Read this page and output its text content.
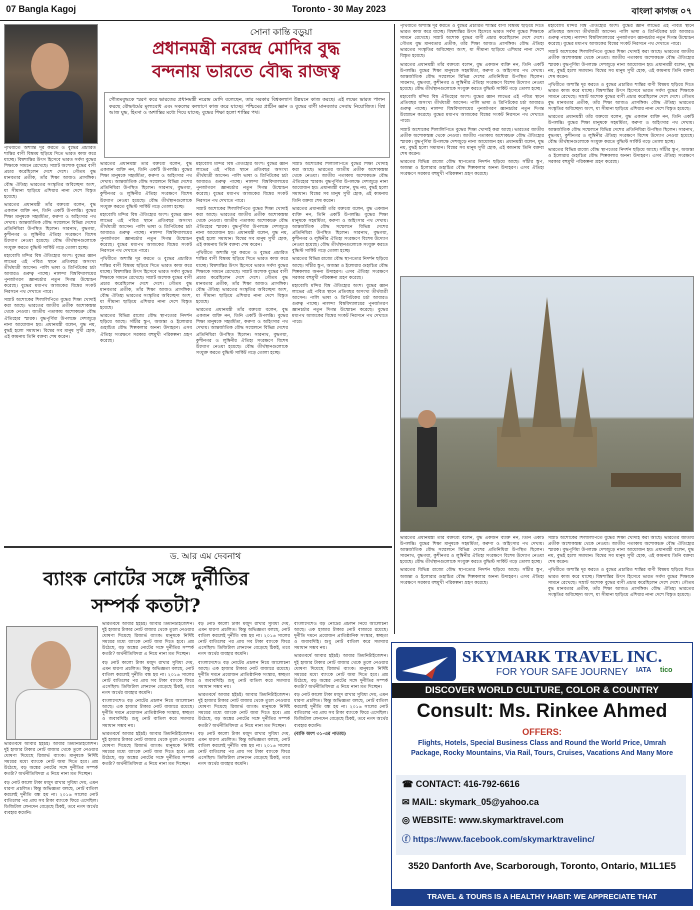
07 Bangla Kagoj	Toronto - 30 May 2023	বাংলা কাগজ ০৭
সোনা কান্তি বড়ুয়া
প্রধানমন্ত্রী নরেন্দ্র মোদির বুদ্ধ
বন্দনায় ভারতে বৌদ্ধ রাজত্ব

গৌতমবুদ্ধকে স্মরণ করে ভারতের প্রধানমন্ত্রী নরেন্দ্র মোদি বলেছেন, তার সরকার বিশ্বকল্যাণ উন্নয়নে কাজ করছে। এই লক্ষ্যে ভারত পালন করছে বৌদ্ধধর্মের মূল্যবোধ এবং সকলের কল্যাণে কাজ করে যাচ্ছে। পশ্চিমের প্রাচীন জ্ঞান ও বুদ্ধের বাণী মানবতার সেবায় নিয়োজিত। বিশ্ব আজ যুদ্ধ, হিংসা ও অশান্তির মধ্যে দিয়ে যাচ্ছে; বুদ্ধের শিক্ষা হলো শান্তির পথ।

পৃথিবীতে অশান্তি দূর করতে ও বুদ্ধের প্রচারিত শান্তির বাণী বিশ্বময় ছড়িয়ে দিতে ভারত কাজ করে যাচ্ছে। বিশ্বশান্তির উৎস হিসেবে ভারত সর্বদা বুদ্ধের শিক্ষাকে সামনে রেখেছে। সম্রাট অশোক বুদ্ধের বাণী প্রচার করেছিলেন দেশে দেশে। গৌতম বুদ্ধ মানবতার প্রতীক, তাঁর শিক্ষা আজও প্রাসঙ্গিক। বৌদ্ধ ঐতিহ্য ভারতের সংস্কৃতির অবিচ্ছেদ্য অংশ, যা সীমানা ছাড়িয়ে এশিয়ার নানা দেশে বিস্তৃত হয়েছে।

ভারতের প্রধানমন্ত্রী তাঁর বক্তব্যে বলেন, বুদ্ধ একজন ব্যক্তি নন, তিনি একটি উপলব্ধি। বুদ্ধের শিক্ষা মানুষকে সহমর্মিতা, করুণা ও অহিংসার পথ দেখায়। আন্তর্জাতিক বৌদ্ধ সম্মেলনে বিভিন্ন দেশের প্রতিনিধিরা উপস্থিত ছিলেন। সারনাথ, বুদ্ধগয়া, কুশীনগর ও লুম্বিনীর ঐতিহ্য সংরক্ষণে বিশেষ উদ্যোগ নেওয়া হয়েছে। বৌদ্ধ তীর্থস্থানগুলোকে সংযুক্ত করতে বুদ্ধিস্ট সার্কিট গড়ে তোলা হচ্ছে।

মহাবোধি মন্দির বিশ্ব ঐতিহ্যের অংশ। বুদ্ধের জ্ঞান লাভের এই পবিত্র স্থানে প্রতিবছর অসংখ্য তীর্থযাত্রী আসেন। পালি ভাষা ও ত্রিপিটকের চর্চা আবারও গুরুত্ব পাচ্ছে। নালন্দা বিশ্ববিদ্যালয়ের পুনর্জাগরণ জ্ঞানচর্চার নতুন দিগন্ত উন্মোচন করেছে। বুদ্ধের মধ্যপথ আজকের বিশ্বের সংকট নিরসনে পথ দেখাতে পারে।

সম্রাট অশোকের শিলালিপিতে বুদ্ধের শিক্ষা খোদাই করা আছে। ভারতের জাতীয় প্রতীক অশোকস্তম্ভ থেকে নেওয়া। জাতীয় পতাকায় অশোকচক্র বৌদ্ধ ঐতিহ্যের স্মারক। বুদ্ধপূর্ণিমা উপলক্ষে দেশজুড়ে নানা আয়োজন হয়। প্রধানমন্ত্রী বলেন, যুদ্ধ নয়, বুদ্ধই হলো সমাধান। বিশ্বের সব মানুষ সুখী হোক, এই কামনায় তিনি বক্তব্য শেষ করেন।

ভারতের প্রধানমন্ত্রী তাঁর বক্তব্যে বলেন, বুদ্ধ একজন ব্যক্তি নন, তিনি একটি উপলব্ধি। বুদ্ধের শিক্ষা মানুষকে সহমর্মিতা, করুণা ও অহিংসার পথ দেখায়। আন্তর্জাতিক বৌদ্ধ সম্মেলনে বিভিন্ন দেশের প্রতিনিধিরা উপস্থিত ছিলেন। সারনাথ, বুদ্ধগয়া, কুশীনগর ও লুম্বিনীর ঐতিহ্য সংরক্ষণে বিশেষ উদ্যোগ নেওয়া হয়েছে। বৌদ্ধ তীর্থস্থানগুলোকে সংযুক্ত করতে বুদ্ধিস্ট সার্কিট গড়ে তোলা হচ্ছে।

মহাবোধি মন্দির বিশ্ব ঐতিহ্যের অংশ। বুদ্ধের জ্ঞান লাভের এই পবিত্র স্থানে প্রতিবছর অসংখ্য তীর্থযাত্রী আসেন। পালি ভাষা ও ত্রিপিটকের চর্চা আবারও গুরুত্ব পাচ্ছে। নালন্দা বিশ্ববিদ্যালয়ের পুনর্জাগরণ জ্ঞানচর্চার নতুন দিগন্ত উন্মোচন করেছে। বুদ্ধের মধ্যপথ আজকের বিশ্বের সংকট নিরসনে পথ দেখাতে পারে।

পৃথিবীতে অশান্তি দূর করতে ও বুদ্ধের প্রচারিত শান্তির বাণী বিশ্বময় ছড়িয়ে দিতে ভারত কাজ করে যাচ্ছে। বিশ্বশান্তির উৎস হিসেবে ভারত সর্বদা বুদ্ধের শিক্ষাকে সামনে রেখেছে। সম্রাট অশোক বুদ্ধের বাণী প্রচার করেছিলেন দেশে দেশে। গৌতম বুদ্ধ মানবতার প্রতীক, তাঁর শিক্ষা আজও প্রাসঙ্গিক। বৌদ্ধ ঐতিহ্য ভারতের সংস্কৃতির অবিচ্ছেদ্য অংশ, যা সীমানা ছাড়িয়ে এশিয়ার নানা দেশে বিস্তৃত হয়েছে।

ভারতের বিভিন্ন রাজ্যে বৌদ্ধ স্থাপত্যের নিদর্শন ছড়িয়ে আছে। সাঁচীর স্তূপ, অজন্তা ও ইলোরার গুহাচিত্র বৌদ্ধ শিল্পকলার অনন্য উদাহরণ। এসব ঐতিহ্য সংরক্ষণে সরকার বহুমুখী পরিকল্পনা গ্রহণ করেছে।

মহাবোধি মন্দির বিশ্ব ঐতিহ্যের অংশ। বুদ্ধের জ্ঞান লাভের এই পবিত্র স্থানে প্রতিবছর অসংখ্য তীর্থযাত্রী আসেন। পালি ভাষা ও ত্রিপিটকের চর্চা আবারও গুরুত্ব পাচ্ছে। নালন্দা বিশ্ববিদ্যালয়ের পুনর্জাগরণ জ্ঞানচর্চার নতুন দিগন্ত উন্মোচন করেছে। বুদ্ধের মধ্যপথ আজকের বিশ্বের সংকট নিরসনে পথ দেখাতে পারে।

সম্রাট অশোকের শিলালিপিতে বুদ্ধের শিক্ষা খোদাই করা আছে। ভারতের জাতীয় প্রতীক অশোকস্তম্ভ থেকে নেওয়া। জাতীয় পতাকায় অশোকচক্র বৌদ্ধ ঐতিহ্যের স্মারক। বুদ্ধপূর্ণিমা উপলক্ষে দেশজুড়ে নানা আয়োজন হয়। প্রধানমন্ত্রী বলেন, যুদ্ধ নয়, বুদ্ধই হলো সমাধান। বিশ্বের সব মানুষ সুখী হোক, এই কামনায় তিনি বক্তব্য শেষ করেন।

পৃথিবীতে অশান্তি দূর করতে ও বুদ্ধের প্রচারিত শান্তির বাণী বিশ্বময় ছড়িয়ে দিতে ভারত কাজ করে যাচ্ছে। বিশ্বশান্তির উৎস হিসেবে ভারত সর্বদা বুদ্ধের শিক্ষাকে সামনে রেখেছে। সম্রাট অশোক বুদ্ধের বাণী প্রচার করেছিলেন দেশে দেশে। গৌতম বুদ্ধ মানবতার প্রতীক, তাঁর শিক্ষা আজও প্রাসঙ্গিক। বৌদ্ধ ঐতিহ্য ভারতের সংস্কৃতির অবিচ্ছেদ্য অংশ, যা সীমানা ছাড়িয়ে এশিয়ার নানা দেশে বিস্তৃত হয়েছে।

ভারতের প্রধানমন্ত্রী তাঁর বক্তব্যে বলেন, বুদ্ধ একজন ব্যক্তি নন, তিনি একটি উপলব্ধি। বুদ্ধের শিক্ষা মানুষকে সহমর্মিতা, করুণা ও অহিংসার পথ দেখায়। আন্তর্জাতিক বৌদ্ধ সম্মেলনে বিভিন্ন দেশের প্রতিনিধিরা উপস্থিত ছিলেন। সারনাথ, বুদ্ধগয়া, কুশীনগর ও লুম্বিনীর ঐতিহ্য সংরক্ষণে বিশেষ উদ্যোগ নেওয়া হয়েছে। বৌদ্ধ তীর্থস্থানগুলোকে সংযুক্ত করতে বুদ্ধিস্ট সার্কিট গড়ে তোলা হচ্ছে।

সম্রাট অশোকের শিলালিপিতে বুদ্ধের শিক্ষা খোদাই করা আছে। ভারতের জাতীয় প্রতীক অশোকস্তম্ভ থেকে নেওয়া। জাতীয় পতাকায় অশোকচক্র বৌদ্ধ ঐতিহ্যের স্মারক। বুদ্ধপূর্ণিমা উপলক্ষে দেশজুড়ে নানা আয়োজন হয়। প্রধানমন্ত্রী বলেন, যুদ্ধ নয়, বুদ্ধই হলো সমাধান। বিশ্বের সব মানুষ সুখী হোক, এই কামনায় তিনি বক্তব্য শেষ করেন।

ভারতের প্রধানমন্ত্রী তাঁর বক্তব্যে বলেন, বুদ্ধ একজন ব্যক্তি নন, তিনি একটি উপলব্ধি। বুদ্ধের শিক্ষা মানুষকে সহমর্মিতা, করুণা ও অহিংসার পথ দেখায়। আন্তর্জাতিক বৌদ্ধ সম্মেলনে বিভিন্ন দেশের প্রতিনিধিরা উপস্থিত ছিলেন। সারনাথ, বুদ্ধগয়া, কুশীনগর ও লুম্বিনীর ঐতিহ্য সংরক্ষণে বিশেষ উদ্যোগ নেওয়া হয়েছে। বৌদ্ধ তীর্থস্থানগুলোকে সংযুক্ত করতে বুদ্ধিস্ট সার্কিট গড়ে তোলা হচ্ছে।

ভারতের বিভিন্ন রাজ্যে বৌদ্ধ স্থাপত্যের নিদর্শন ছড়িয়ে আছে। সাঁচীর স্তূপ, অজন্তা ও ইলোরার গুহাচিত্র বৌদ্ধ শিল্পকলার অনন্য উদাহরণ। এসব ঐতিহ্য সংরক্ষণে সরকার বহুমুখী পরিকল্পনা গ্রহণ করেছে।

মহাবোধি মন্দির বিশ্ব ঐতিহ্যের অংশ। বুদ্ধের জ্ঞান লাভের এই পবিত্র স্থানে প্রতিবছর অসংখ্য তীর্থযাত্রী আসেন। পালি ভাষা ও ত্রিপিটকের চর্চা আবারও গুরুত্ব পাচ্ছে। নালন্দা বিশ্ববিদ্যালয়ের পুনর্জাগরণ জ্ঞানচর্চার নতুন দিগন্ত উন্মোচন করেছে। বুদ্ধের মধ্যপথ আজকের বিশ্বের সংকট নিরসনে পথ দেখাতে পারে।

পৃথিবীতে অশান্তি দূর করতে ও বুদ্ধের প্রচারিত শান্তির বাণী বিশ্বময় ছড়িয়ে দিতে ভারত কাজ করে যাচ্ছে। বিশ্বশান্তির উৎস হিসেবে ভারত সর্বদা বুদ্ধের শিক্ষাকে সামনে রেখেছে। সম্রাট অশোক বুদ্ধের বাণী প্রচার করেছিলেন দেশে দেশে। গৌতম বুদ্ধ মানবতার প্রতীক, তাঁর শিক্ষা আজও প্রাসঙ্গিক। বৌদ্ধ ঐতিহ্য ভারতের সংস্কৃতির অবিচ্ছেদ্য অংশ, যা সীমানা ছাড়িয়ে এশিয়ার নানা দেশে বিস্তৃত হয়েছে।

ভারতের প্রধানমন্ত্রী তাঁর বক্তব্যে বলেন, বুদ্ধ একজন ব্যক্তি নন, তিনি একটি উপলব্ধি। বুদ্ধের শিক্ষা মানুষকে সহমর্মিতা, করুণা ও অহিংসার পথ দেখায়। আন্তর্জাতিক বৌদ্ধ সম্মেলনে বিভিন্ন দেশের প্রতিনিধিরা উপস্থিত ছিলেন। সারনাথ, বুদ্ধগয়া, কুশীনগর ও লুম্বিনীর ঐতিহ্য সংরক্ষণে বিশেষ উদ্যোগ নেওয়া হয়েছে। বৌদ্ধ তীর্থস্থানগুলোকে সংযুক্ত করতে বুদ্ধিস্ট সার্কিট গড়ে তোলা হচ্ছে।

মহাবোধি মন্দির বিশ্ব ঐতিহ্যের অংশ। বুদ্ধের জ্ঞান লাভের এই পবিত্র স্থানে প্রতিবছর অসংখ্য তীর্থযাত্রী আসেন। পালি ভাষা ও ত্রিপিটকের চর্চা আবারও গুরুত্ব পাচ্ছে। নালন্দা বিশ্ববিদ্যালয়ের পুনর্জাগরণ জ্ঞানচর্চার নতুন দিগন্ত উন্মোচন করেছে। বুদ্ধের মধ্যপথ আজকের বিশ্বের সংকট নিরসনে পথ দেখাতে পারে।

সম্রাট অশোকের শিলালিপিতে বুদ্ধের শিক্ষা খোদাই করা আছে। ভারতের জাতীয় প্রতীক অশোকস্তম্ভ থেকে নেওয়া। জাতীয় পতাকায় অশোকচক্র বৌদ্ধ ঐতিহ্যের স্মারক। বুদ্ধপূর্ণিমা উপলক্ষে দেশজুড়ে নানা আয়োজন হয়। প্রধানমন্ত্রী বলেন, যুদ্ধ নয়, বুদ্ধই হলো সমাধান। বিশ্বের সব মানুষ সুখী হোক, এই কামনায় তিনি বক্তব্য শেষ করেন।

ভারতের বিভিন্ন রাজ্যে বৌদ্ধ স্থাপত্যের নিদর্শন ছড়িয়ে আছে। সাঁচীর স্তূপ, অজন্তা ও ইলোরার গুহাচিত্র বৌদ্ধ শিল্পকলার অনন্য উদাহরণ। এসব ঐতিহ্য সংরক্ষণে সরকার বহুমুখী পরিকল্পনা গ্রহণ করেছে।

মহাবোধি মন্দির বিশ্ব ঐতিহ্যের অংশ। বুদ্ধের জ্ঞান লাভের এই পবিত্র স্থানে প্রতিবছর অসংখ্য তীর্থযাত্রী আসেন। পালি ভাষা ও ত্রিপিটকের চর্চা আবারও গুরুত্ব পাচ্ছে। নালন্দা বিশ্ববিদ্যালয়ের পুনর্জাগরণ জ্ঞানচর্চার নতুন দিগন্ত উন্মোচন করেছে। বুদ্ধের মধ্যপথ আজকের বিশ্বের সংকট নিরসনে পথ দেখাতে পারে।

সম্রাট অশোকের শিলালিপিতে বুদ্ধের শিক্ষা খোদাই করা আছে। ভারতের জাতীয় প্রতীক অশোকস্তম্ভ থেকে নেওয়া। জাতীয় পতাকায় অশোকচক্র বৌদ্ধ ঐতিহ্যের স্মারক। বুদ্ধপূর্ণিমা উপলক্ষে দেশজুড়ে নানা আয়োজন হয়। প্রধানমন্ত্রী বলেন, যুদ্ধ নয়, বুদ্ধই হলো সমাধান। বিশ্বের সব মানুষ সুখী হোক, এই কামনায় তিনি বক্তব্য শেষ করেন।

পৃথিবীতে অশান্তি দূর করতে ও বুদ্ধের প্রচারিত শান্তির বাণী বিশ্বময় ছড়িয়ে দিতে ভারত কাজ করে যাচ্ছে। বিশ্বশান্তির উৎস হিসেবে ভারত সর্বদা বুদ্ধের শিক্ষাকে সামনে রেখেছে। সম্রাট অশোক বুদ্ধের বাণী প্রচার করেছিলেন দেশে দেশে। গৌতম বুদ্ধ মানবতার প্রতীক, তাঁর শিক্ষা আজও প্রাসঙ্গিক। বৌদ্ধ ঐতিহ্য ভারতের সংস্কৃতির অবিচ্ছেদ্য অংশ, যা সীমানা ছাড়িয়ে এশিয়ার নানা দেশে বিস্তৃত হয়েছে।

ভারতের প্রধানমন্ত্রী তাঁর বক্তব্যে বলেন, বুদ্ধ একজন ব্যক্তি নন, তিনি একটি উপলব্ধি। বুদ্ধের শিক্ষা মানুষকে সহমর্মিতা, করুণা ও অহিংসার পথ দেখায়। আন্তর্জাতিক বৌদ্ধ সম্মেলনে বিভিন্ন দেশের প্রতিনিধিরা উপস্থিত ছিলেন। সারনাথ, বুদ্ধগয়া, কুশীনগর ও লুম্বিনীর ঐতিহ্য সংরক্ষণে বিশেষ উদ্যোগ নেওয়া হয়েছে। বৌদ্ধ তীর্থস্থানগুলোকে সংযুক্ত করতে বুদ্ধিস্ট সার্কিট গড়ে তোলা হচ্ছে।

ভারতের বিভিন্ন রাজ্যে বৌদ্ধ স্থাপত্যের নিদর্শন ছড়িয়ে আছে। সাঁচীর স্তূপ, অজন্তা ও ইলোরার গুহাচিত্র বৌদ্ধ শিল্পকলার অনন্য উদাহরণ। এসব ঐতিহ্য সংরক্ষণে সরকার বহুমুখী পরিকল্পনা গ্রহণ করেছে।

ভারতের প্রধানমন্ত্রী তাঁর বক্তব্যে বলেন, বুদ্ধ একজন ব্যক্তি নন, তিনি একটি উপলব্ধি। বুদ্ধের শিক্ষা মানুষকে সহমর্মিতা, করুণা ও অহিংসার পথ দেখায়। আন্তর্জাতিক বৌদ্ধ সম্মেলনে বিভিন্ন দেশের প্রতিনিধিরা উপস্থিত ছিলেন। সারনাথ, বুদ্ধগয়া, কুশীনগর ও লুম্বিনীর ঐতিহ্য সংরক্ষণে বিশেষ উদ্যোগ নেওয়া হয়েছে। বৌদ্ধ তীর্থস্থানগুলোকে সংযুক্ত করতে বুদ্ধিস্ট সার্কিট গড়ে তোলা হচ্ছে।

ভারতের বিভিন্ন রাজ্যে বৌদ্ধ স্থাপত্যের নিদর্শন ছড়িয়ে আছে। সাঁচীর স্তূপ, অজন্তা ও ইলোরার গুহাচিত্র বৌদ্ধ শিল্পকলার অনন্য উদাহরণ। এসব ঐতিহ্য সংরক্ষণে সরকার বহুমুখী পরিকল্পনা গ্রহণ করেছে।

সম্রাট অশোকের শিলালিপিতে বুদ্ধের শিক্ষা খোদাই করা আছে। ভারতের জাতীয় প্রতীক অশোকস্তম্ভ থেকে নেওয়া। জাতীয় পতাকায় অশোকচক্র বৌদ্ধ ঐতিহ্যের স্মারক। বুদ্ধপূর্ণিমা উপলক্ষে দেশজুড়ে নানা আয়োজন হয়। প্রধানমন্ত্রী বলেন, যুদ্ধ নয়, বুদ্ধই হলো সমাধান। বিশ্বের সব মানুষ সুখী হোক, এই কামনায় তিনি বক্তব্য শেষ করেন।

পৃথিবীতে অশান্তি দূর করতে ও বুদ্ধের প্রচারিত শান্তির বাণী বিশ্বময় ছড়িয়ে দিতে ভারত কাজ করে যাচ্ছে। বিশ্বশান্তির উৎস হিসেবে ভারত সর্বদা বুদ্ধের শিক্ষাকে সামনে রেখেছে। সম্রাট অশোক বুদ্ধের বাণী প্রচার করেছিলেন দেশে দেশে। গৌতম বুদ্ধ মানবতার প্রতীক, তাঁর শিক্ষা আজও প্রাসঙ্গিক। বৌদ্ধ ঐতিহ্য ভারতের সংস্কৃতির অবিচ্ছেদ্য অংশ, যা সীমানা ছাড়িয়ে এশিয়ার নানা দেশে বিস্তৃত হয়েছে।

ড. আর এম দেবনাথ
ব্যাংক নোটের সঙ্গে দুর্নীতির
সম্পর্ক কতটা?

ভারতবর্ষে আবার হইচই। আবার ডিমনিটাইজেশন। দুই হাজার টাকার নোট বাজার থেকে তুলে নেওয়ার ঘোষণা দিয়েছে রিজার্ভ ব্যাংক। মানুষকে নির্দিষ্ট সময়ের মধ্যে ব্যাংকে নোট জমা দিতে হবে। প্রশ্ন উঠেছে, বড় অঙ্কের নোটের সঙ্গে দুর্নীতির সম্পর্ক কতটা? অর্থনীতিবিদরা এ নিয়ে নানা মত দিচ্ছেন।

বড় নোট কালো টাকা মজুদ রাখার সুবিধা দেয়, এমন ধারণা প্রচলিত। কিন্তু অভিজ্ঞতা বলছে, নোট বাতিল করলেই দুর্নীতি বন্ধ হয় না। ২০১৬ সালের নোট বাতিলের পর প্রায় সব টাকা ব্যাংকে ফিরে এসেছিল। ডিজিটাল লেনদেন বেড়েছে ঠিকই, তবে নগদ অর্থের ব্যবহার কমেনি।

ভারতবর্ষে আবার হইচই। আবার ডিমনিটাইজেশন। দুই হাজার টাকার নোট বাজার থেকে তুলে নেওয়ার ঘোষণা দিয়েছে রিজার্ভ ব্যাংক। মানুষকে নির্দিষ্ট সময়ের মধ্যে ব্যাংকে নোট জমা দিতে হবে। প্রশ্ন উঠেছে, বড় অঙ্কের নোটের সঙ্গে দুর্নীতির সম্পর্ক কতটা? অর্থনীতিবিদরা এ নিয়ে নানা মত দিচ্ছেন।

বড় নোট কালো টাকা মজুদ রাখার সুবিধা দেয়, এমন ধারণা প্রচলিত। কিন্তু অভিজ্ঞতা বলছে, নোট বাতিল করলেই দুর্নীতি বন্ধ হয় না। ২০১৬ সালের নোট বাতিলের পর প্রায় সব টাকা ব্যাংকে ফিরে এসেছিল। ডিজিটাল লেনদেন বেড়েছে ঠিকই, তবে নগদ অর্থের ব্যবহার কমেনি।

বাংলাদেশেও বড় নোটের প্রচলন নিয়ে আলোচনা আছে। এক হাজার টাকার নোট বাজারে রয়েছে। দুর্নীতি দমনে প্রয়োজন প্রাতিষ্ঠানিক সংস্কার, স্বচ্ছতা ও জবাবদিহি। শুধু নোট বাতিল করে সমস্যার সমাধান সম্ভব নয়।

ভারতবর্ষে আবার হইচই। আবার ডিমনিটাইজেশন। দুই হাজার টাকার নোট বাজার থেকে তুলে নেওয়ার ঘোষণা দিয়েছে রিজার্ভ ব্যাংক। মানুষকে নির্দিষ্ট সময়ের মধ্যে ব্যাংকে নোট জমা দিতে হবে। প্রশ্ন উঠেছে, বড় অঙ্কের নোটের সঙ্গে দুর্নীতির সম্পর্ক কতটা? অর্থনীতিবিদরা এ নিয়ে নানা মত দিচ্ছেন।

বড় নোট কালো টাকা মজুদ রাখার সুবিধা দেয়, এমন ধারণা প্রচলিত। কিন্তু অভিজ্ঞতা বলছে, নোট বাতিল করলেই দুর্নীতি বন্ধ হয় না। ২০১৬ সালের নোট বাতিলের পর প্রায় সব টাকা ব্যাংকে ফিরে এসেছিল। ডিজিটাল লেনদেন বেড়েছে ঠিকই, তবে নগদ অর্থের ব্যবহার কমেনি।

বাংলাদেশেও বড় নোটের প্রচলন নিয়ে আলোচনা আছে। এক হাজার টাকার নোট বাজারে রয়েছে। দুর্নীতি দমনে প্রয়োজন প্রাতিষ্ঠানিক সংস্কার, স্বচ্ছতা ও জবাবদিহি। শুধু নোট বাতিল করে সমস্যার সমাধান সম্ভব নয়।

ভারতবর্ষে আবার হইচই। আবার ডিমনিটাইজেশন। দুই হাজার টাকার নোট বাজার থেকে তুলে নেওয়ার ঘোষণা দিয়েছে রিজার্ভ ব্যাংক। মানুষকে নির্দিষ্ট সময়ের মধ্যে ব্যাংকে নোট জমা দিতে হবে। প্রশ্ন উঠেছে, বড় অঙ্কের নোটের সঙ্গে দুর্নীতির সম্পর্ক কতটা? অর্থনীতিবিদরা এ নিয়ে নানা মত দিচ্ছেন।

বড় নোট কালো টাকা মজুদ রাখার সুবিধা দেয়, এমন ধারণা প্রচলিত। কিন্তু অভিজ্ঞতা বলছে, নোট বাতিল করলেই দুর্নীতি বন্ধ হয় না। ২০১৬ সালের নোট বাতিলের পর প্রায় সব টাকা ব্যাংকে ফিরে এসেছিল। ডিজিটাল লেনদেন বেড়েছে ঠিকই, তবে নগদ অর্থের ব্যবহার কমেনি।

বাংলাদেশেও বড় নোটের প্রচলন নিয়ে আলোচনা আছে। এক হাজার টাকার নোট বাজারে রয়েছে। দুর্নীতি দমনে প্রয়োজন প্রাতিষ্ঠানিক সংস্কার, স্বচ্ছতা ও জবাবদিহি। শুধু নোট বাতিল করে সমস্যার সমাধান সম্ভব নয়।

ভারতবর্ষে আবার হইচই। আবার ডিমনিটাইজেশন। দুই হাজার টাকার নোট বাজার থেকে তুলে নেওয়ার ঘোষণা দিয়েছে রিজার্ভ ব্যাংক। মানুষকে নির্দিষ্ট সময়ের মধ্যে ব্যাংকে নোট জমা দিতে হবে। প্রশ্ন উঠেছে, বড় অঙ্কের নোটের সঙ্গে দুর্নীতির সম্পর্ক কতটা? অর্থনীতিবিদরা এ নিয়ে নানা মত দিচ্ছেন।

বড় নোট কালো টাকা মজুদ রাখার সুবিধা দেয়, এমন ধারণা প্রচলিত। কিন্তু অভিজ্ঞতা বলছে, নোট বাতিল করলেই দুর্নীতি বন্ধ হয় না। ২০১৬ সালের নোট বাতিলের পর প্রায় সব টাকা ব্যাংকে ফিরে এসেছিল। ডিজিটাল লেনদেন বেড়েছে ঠিকই, তবে নগদ অর্থের ব্যবহার কমেনি।

(বাকি অংশ ৩১-এর পাতায়)

SKYMARK TRAVEL INC.
FOR YOUR SAFE JOURNEY IATA tico
DISCOVER WORLD CULTURE, COLOR & COUNTRY
Consult: Ms. Rinkee Ahmed
OFFERS:
Flights, Hotels, Special Business Class and Round the World Price, Umrah Package, Rocky Mountains, Via Rail, Tours, Cruises, Vacations And Many More
☎ CONTACT: 416-792-6616
✉ MAIL: skymark_05@yahoo.ca
◎ WEBSITE: www.skymarktravel.com
ⓕ https://www.facebook.com/skymarktravelinc/
3520 Danforth Ave, Scarborough, Toronto, Ontario, M1L1E5
TRAVEL & TOURS IS A HEALTHY HABIT: WE APPRECIATE THAT
